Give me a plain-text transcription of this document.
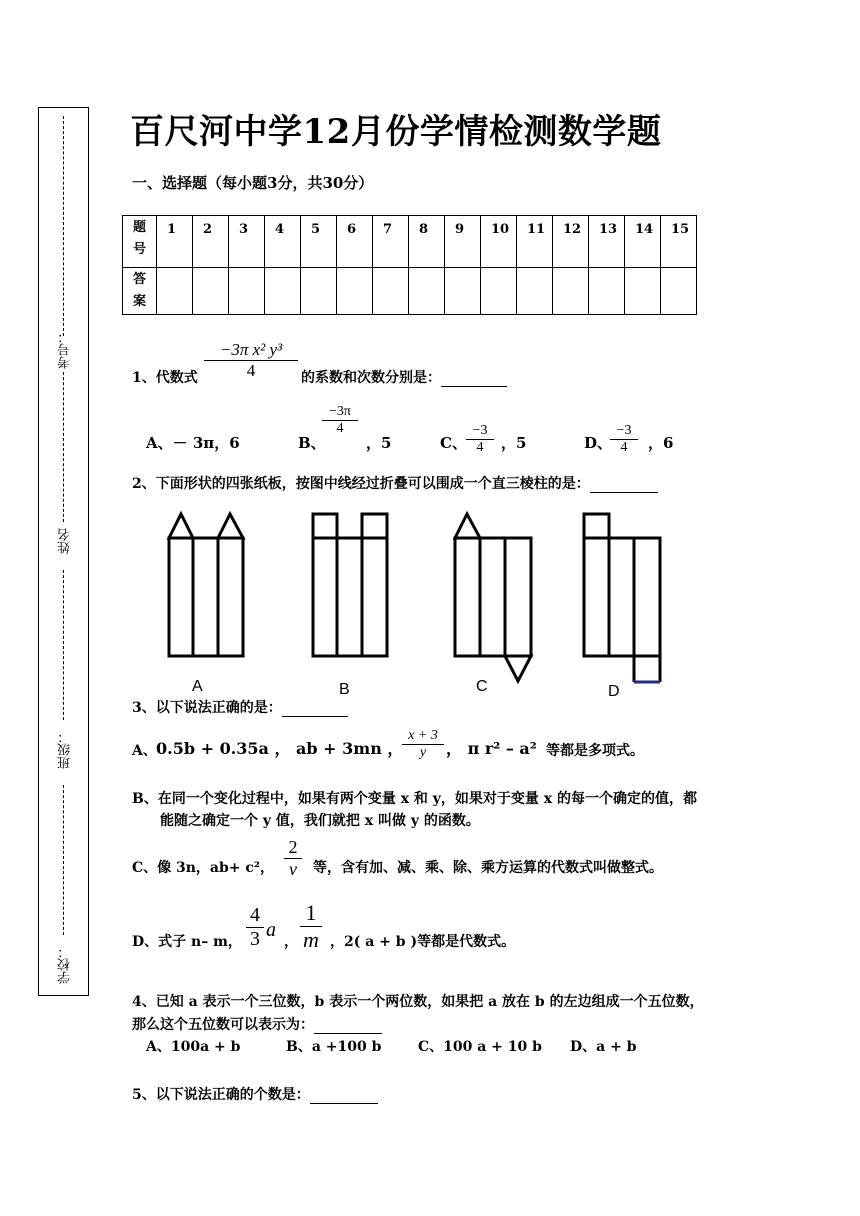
考号：
姓名
班级：
学校：
百尺河中学12月份学情检测数学题
一、选择题（每小题3分，共30分）
题
号	1	2	3	4	5	6	7	8	9	10	11	12	13	14	15
答
案															
1、代数式
−3π x² y³
4	的系数和次数分别是：
A、－ 3π，6	B、
−3π
4
，5	C、
−3
4	，5	D、
−3
4	，6
2、下面形状的四张纸板，按图中线经过折叠可以围成一个直三棱柱的是：
A	B	C	D
3、以下说法正确的是：
A、 0.5b + 0.35a ， ab + 3mn ，
x + 3
y	， π r² – a² 等都是多项式。
B、在同一个变化过程中，如果有两个变量 x 和 y，如果对于变量 x 的每一个确定的值，都
能随之确定一个 y 值，我们就把 x 叫做 y 的函数。
C、像 3n，ab+ c²，
2
v	等，含有加、减、乘、除、乘方运算的代数式叫做整式。
D、式子 n– m，
4
3 a
，
1
m ，2( a + b )等都是代数式。
4、已知 a 表示一个三位数，b 表示一个两位数，如果把 a 放在 b 的左边组成一个五位数，
那么这个五位数可以表示为：
A、100a + b	B、a +100 b	C、100 a + 10 b D、a + b
5、以下说法正确的个数是：
